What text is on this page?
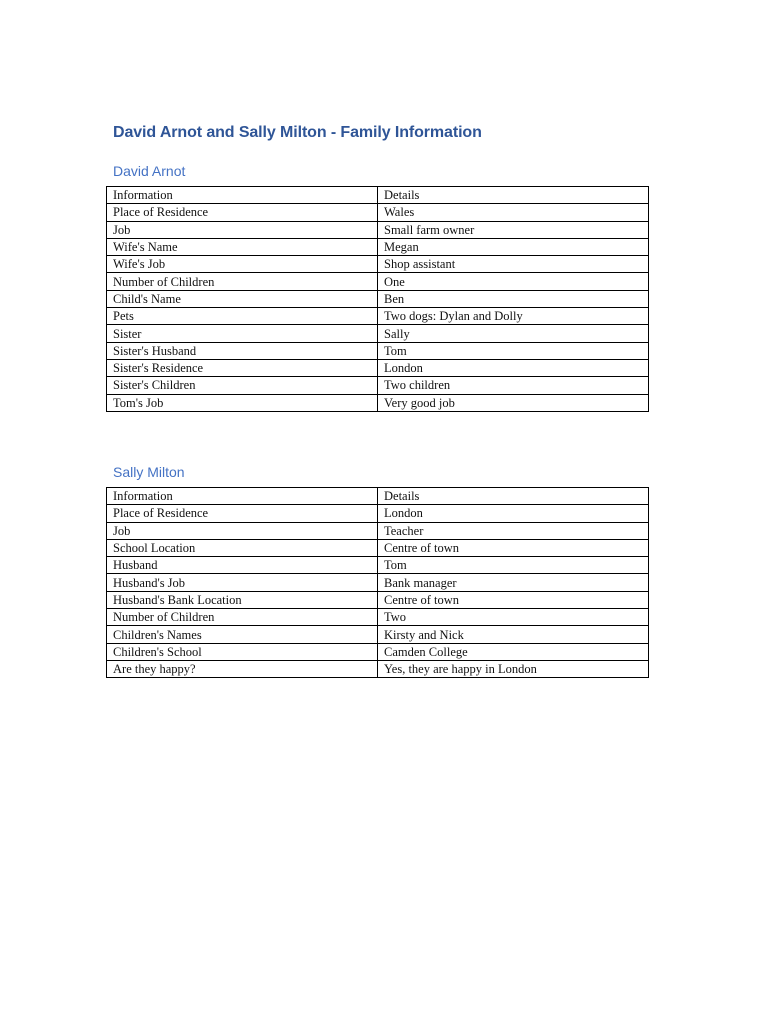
David Arnot and Sally Milton - Family Information
David Arnot
Information	Details
Place of Residence	Wales
Job	Small farm owner
Wife's Name	Megan
Wife's Job	Shop assistant
Number of Children	One
Child's Name	Ben
Pets	Two dogs: Dylan and Dolly
Sister	Sally
Sister's Husband	Tom
Sister's Residence	London
Sister's Children	Two children
Tom's Job	Very good job
Sally Milton
Information	Details
Place of Residence	London
Job	Teacher
School Location	Centre of town
Husband	Tom
Husband's Job	Bank manager
Husband's Bank Location	Centre of town
Number of Children	Two
Children's Names	Kirsty and Nick
Children's School	Camden College
Are they happy?	Yes, they are happy in London
